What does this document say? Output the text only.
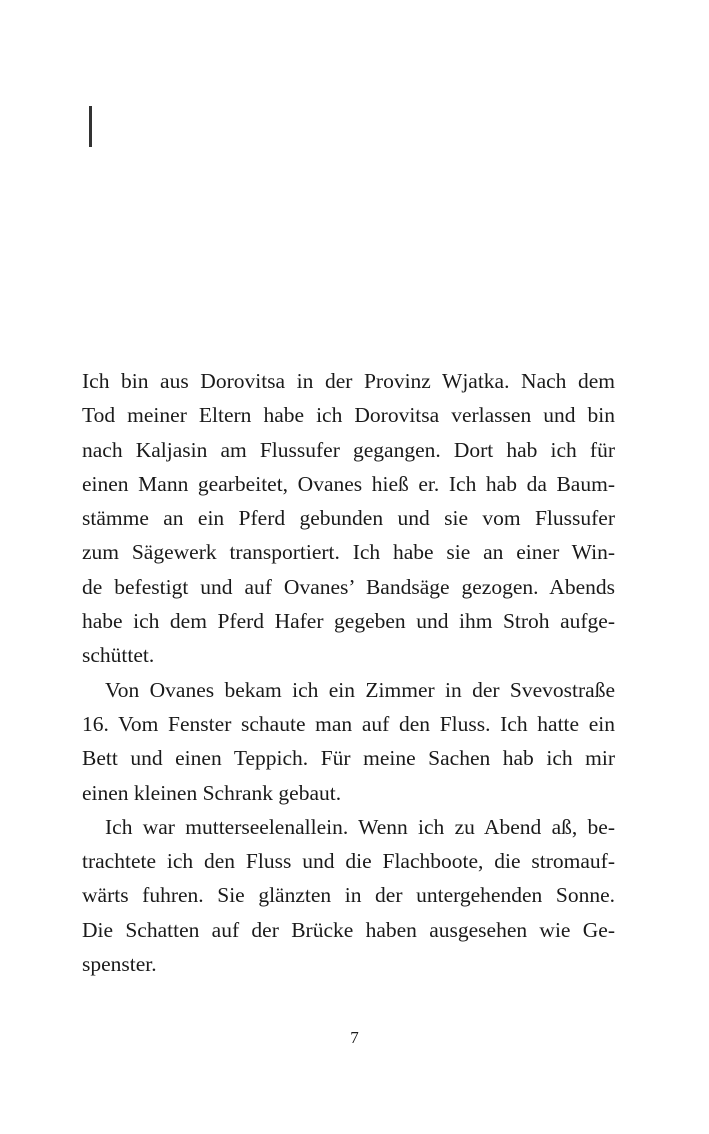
Ich bin aus Dorovitsa in der Provinz Wjatka. Nach dem
Tod meiner Eltern habe ich Dorovitsa verlassen und bin
nach Kaljasin am Flussufer gegangen. Dort hab ich für
einen Mann gearbeitet, Ovanes hieß er. Ich hab da Baum-
stämme an ein Pferd gebunden und sie vom Flussufer
zum Sägewerk transportiert. Ich habe sie an einer Win-
de befestigt und auf Ovanes’ Bandsäge gezogen. Abends
habe ich dem Pferd Hafer gegeben und ihm Stroh aufge-
schüttet.
Von Ovanes bekam ich ein Zimmer in der Svevostraße
16. Vom Fenster schaute man auf den Fluss. Ich hatte ein
Bett und einen Teppich. Für meine Sachen hab ich mir
einen kleinen Schrank gebaut.
Ich war mutterseelenallein. Wenn ich zu Abend aß, be-
trachtete ich den Fluss und die Flachboote, die stromauf-
wärts fuhren. Sie glänzten in der untergehenden Sonne.
Die Schatten auf der Brücke haben ausgesehen wie Ge-
spenster.
7
